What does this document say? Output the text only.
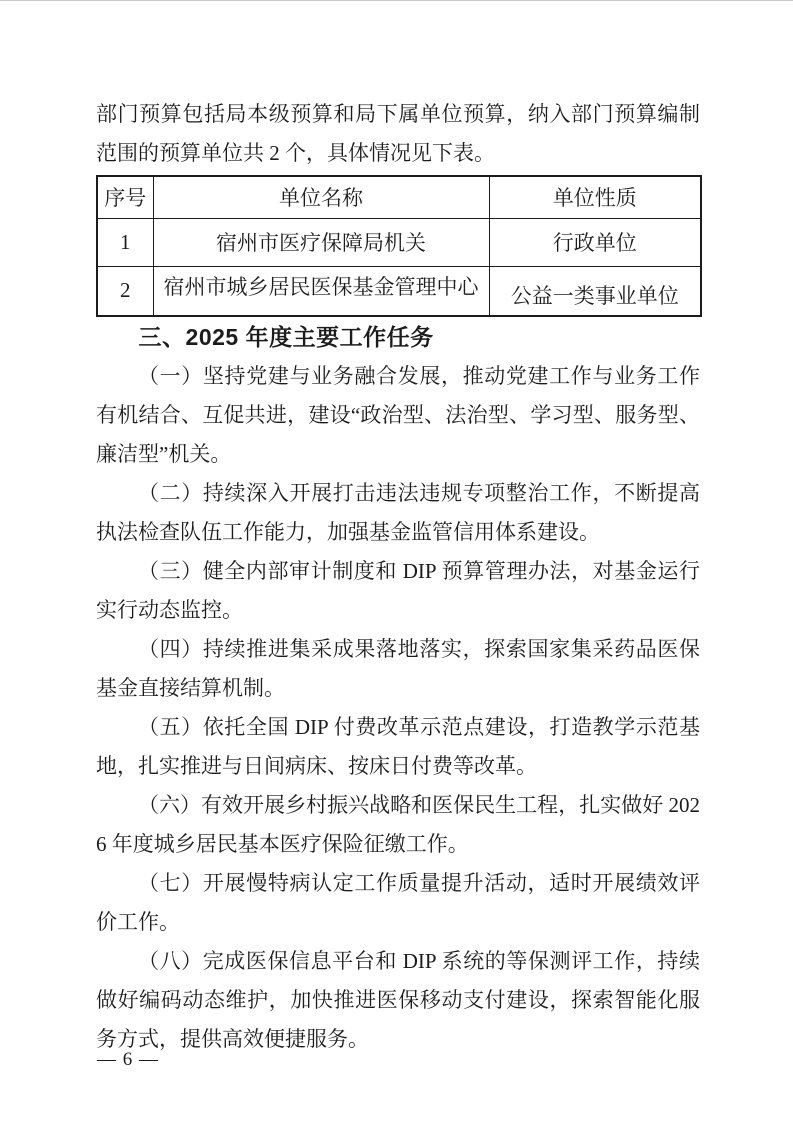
部门预算包括局本级预算和局下属单位预算，纳入部门预算编制范围的预算单位共 2 个，具体情况见下表。

序号	单位名称	单位性质
1	宿州市医疗保障局机关	行政单位
2	宿州市城乡居民医保基金管理中心	公益一类事业单位
三、2025 年度主要工作任务

（一）坚持党建与业务融合发展，推动党建工作与业务工作有机结合、互促共进，建设“政治型、法治型、学习型、服务型、廉洁型”机关。

（二）持续深入开展打击违法违规专项整治工作，不断提高执法检查队伍工作能力，加强基金监管信用体系建设。

（三）健全内部审计制度和 DIP 预算管理办法，对基金运行实行动态监控。

（四）持续推进集采成果落地落实，探索国家集采药品医保基金直接结算机制。

（五）依托全国 DIP 付费改革示范点建设，打造教学示范基地，扎实推进与日间病床、按床日付费等改革。

（六）有效开展乡村振兴战略和医保民生工程，扎实做好 2026 年度城乡居民基本医疗保险征缴工作。

（七）开展慢特病认定工作质量提升活动，适时开展绩效评价工作。

（八）完成医保信息平台和 DIP 系统的等保测评工作，持续做好编码动态维护，加快推进医保移动支付建设，探索智能化服务方式，提供高效便捷服务。

— 6 —
